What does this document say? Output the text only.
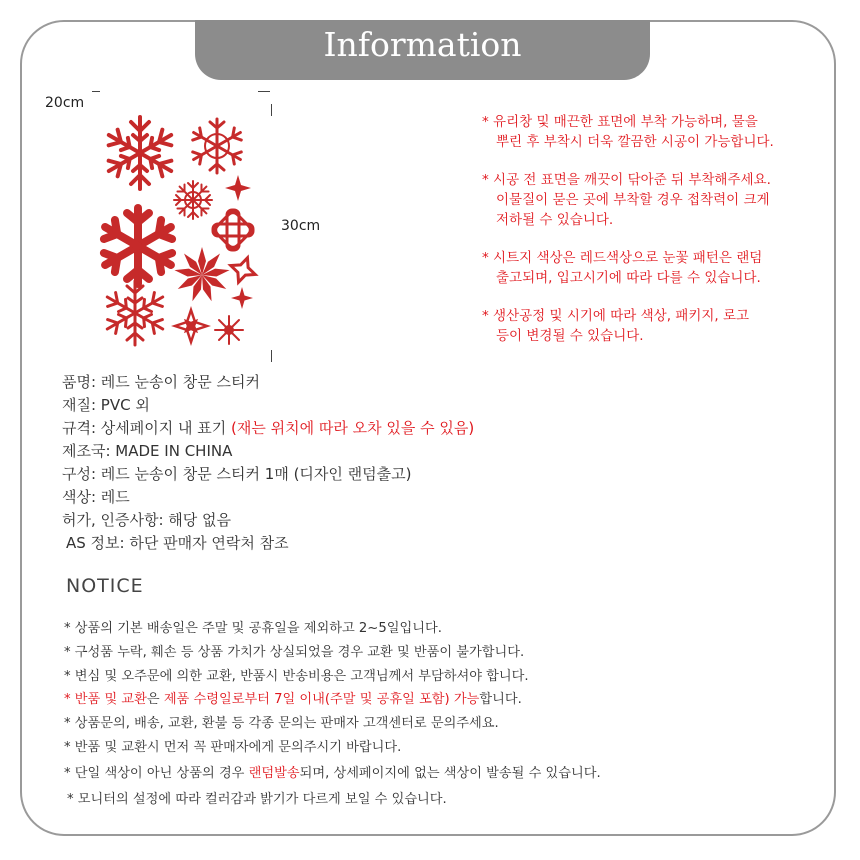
Information
20cm
30cm

* 유리창 및 매끈한 표면에 부착 가능하며, 물을
뿌린 후 부착시 더욱 깔끔한 시공이 가능합니다.

* 시공 전 표면을 깨끗이 닦아준 뒤 부착해주세요.
이물질이 묻은 곳에 부착할 경우 접착력이 크게
저하될 수 있습니다.

* 시트지 색상은 레드색상으로 눈꽃 패턴은 랜덤
출고되며, 입고시기에 따라 다를 수 있습니다.

* 생산공정 및 시기에 따라 색상, 패키지, 로고
등이 변경될 수 있습니다.

품명: 레드 눈송이 창문 스티커
재질: PVC 외
규격: 상세페이지 내 표기 (재는 위치에 따라 오차 있을 수 있음)
제조국: MADE IN CHINA
구성: 레드 눈송이 창문 스티커 1매 (디자인 랜덤출고)
색상: 레드
허가, 인증사항: 해당 없음
AS 정보: 하단 판매자 연락처 참조
NOTICE
* 상품의 기본 배송일은 주말 및 공휴일을 제외하고 2~5일입니다.
* 구성품 누락, 훼손 등 상품 가치가 상실되었을 경우 교환 및 반품이 불가합니다.
* 변심 및 오주문에 의한 교환, 반품시 반송비용은 고객님께서 부담하셔야 합니다.
* 반품 및 교환은 제품 수령일로부터 7일 이내(주말 및 공휴일 포함) 가능합니다.
* 상품문의, 배송, 교환, 환불 등 각종 문의는 판매자 고객센터로 문의주세요.
* 반품 및 교환시 먼저 꼭 판매자에게 문의주시기 바랍니다.
* 단일 색상이 아닌 상품의 경우 랜덤발송되며, 상세페이지에 없는 색상이 발송될 수 있습니다.
* 모니터의 설정에 따라 컬러감과 밝기가 다르게 보일 수 있습니다.
